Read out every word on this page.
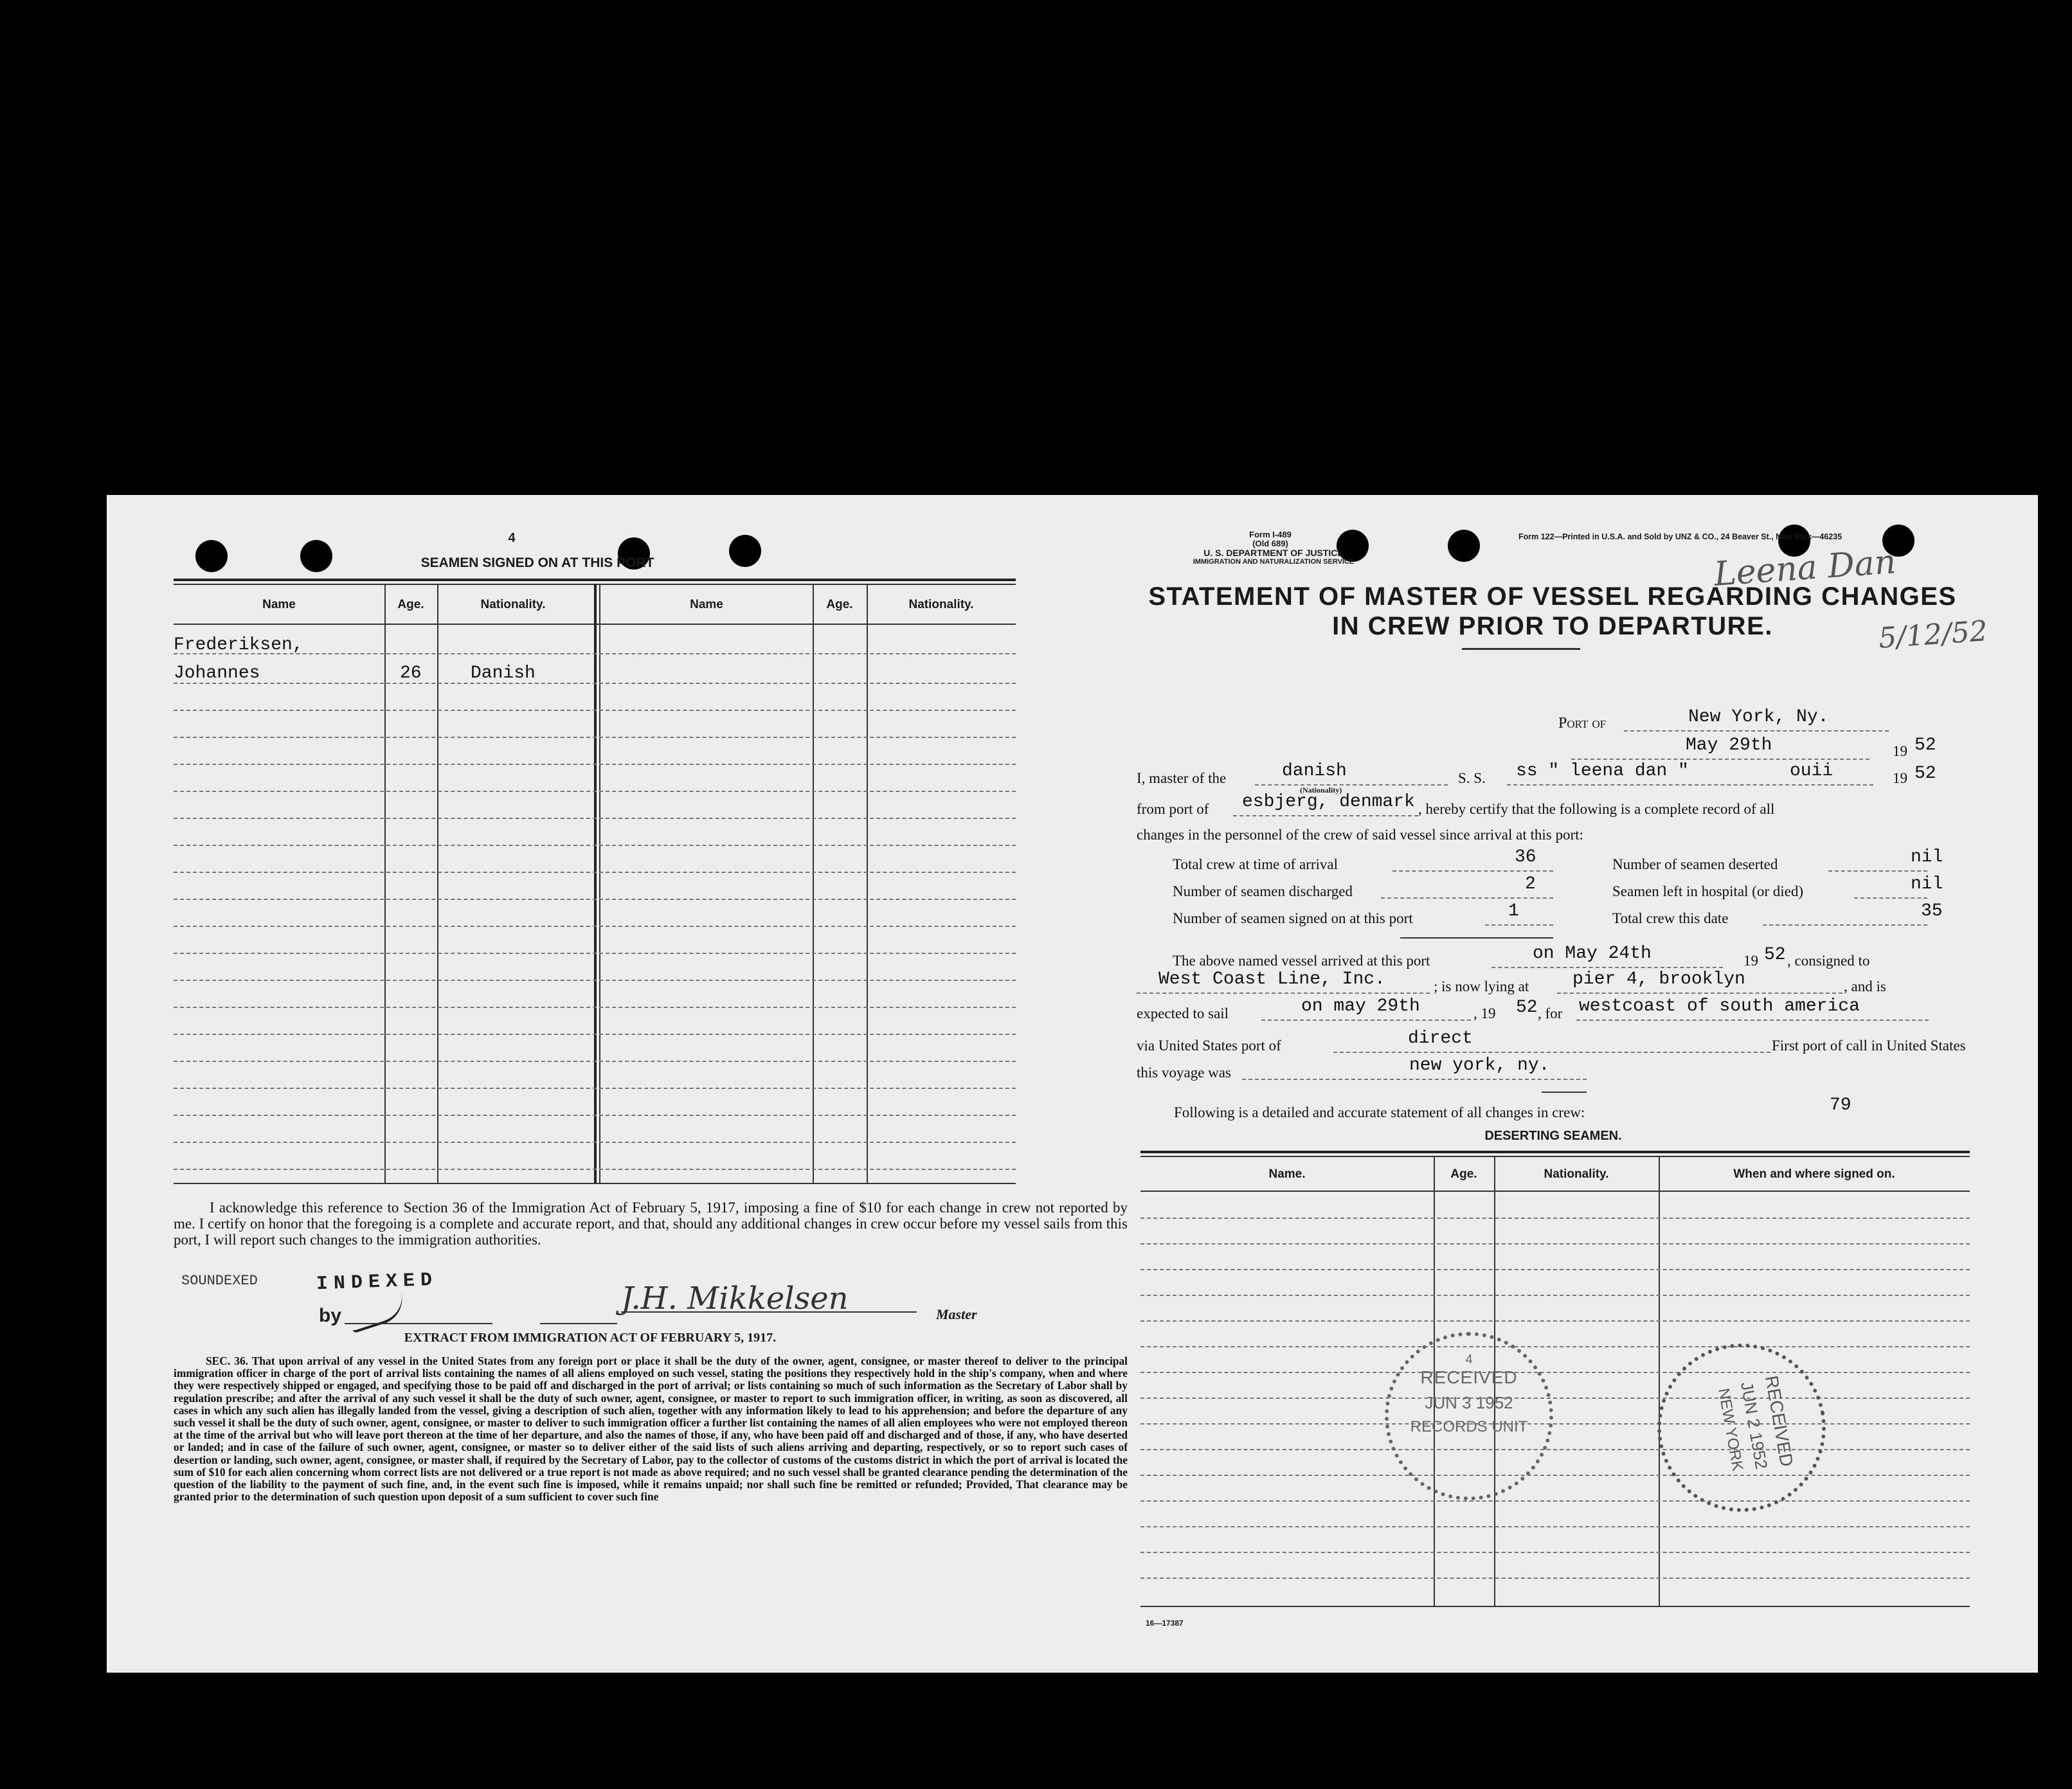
4
SEAMEN SIGNED ON AT THIS PORT
Name	Age.	Nationality.	Name	Age.	Nationality.
Frederiksen,
Johannes	26	Danish
I acknowledge this reference to Section 36 of the Immigration Act of February 5, 1917, imposing a fine of $10 for each change in crew not reported by me. I certify on honor that the foregoing is a complete and accurate report, and that, should any additional changes in crew occur before my vessel sails from this port, I will report such changes to the immigration authorities.
SOUNDEXED	INDEXED
by	J.H. Mikkelsen	Master
EXTRACT FROM IMMIGRATION ACT OF FEBRUARY 5, 1917.
SEC. 36. That upon arrival of any vessel in the United States from any foreign port or place it shall be the duty of the owner, agent, consignee, or master thereof to deliver to the principal immigration officer in charge of the port of arrival lists containing the names of all aliens employed on such vessel, stating the positions they respectively hold in the ship's company, when and where they were respectively shipped or engaged, and specifying those to be paid off and discharged in the port of arrival; or lists containing so much of such information as the Secretary of Labor shall by regulation prescribe; and after the arrival of any such vessel it shall be the duty of such owner, agent, consignee, or master to report to such immigration officer, in writing, as soon as discovered, all cases in which any such alien has illegally landed from the vessel, giving a description of such alien, together with any information likely to lead to his apprehension; and before the departure of any such vessel it shall be the duty of such owner, agent, consignee, or master to deliver to such immigration officer a further list containing the names of all alien employees who were not employed thereon at the time of the arrival but who will leave port thereon at the time of her departure, and also the names of those, if any, who have been paid off and discharged and of those, if any, who have deserted or landed; and in case of the failure of such owner, agent, consignee, or master so to deliver either of the said lists of such aliens arriving and departing, respectively, or so to report such cases of desertion or landing, such owner, agent, consignee, or master shall, if required by the Secretary of Labor, pay to the collector of customs of the customs district in which the port of arrival is located the sum of $10 for each alien concerning whom correct lists are not delivered or a true report is not made as above required; and no such vessel shall be granted clearance pending the determination of the question of the liability to the payment of such fine, and, in the event such fine is imposed, while it remains unpaid; nor shall such fine be remitted or refunded; Provided, That clearance may be granted prior to the determination of such question upon deposit of a sum sufficient to cover such fine
Form I-489
(Old 689)
U. S. DEPARTMENT OF JUSTICE
IMMIGRATION AND NATURALIZATION SERVICE
Form 122—Printed in U.S.A. and Sold by UNZ & CO., 24 Beaver St., New York—46235
Leena Dan
5/12/52
STATEMENT OF MASTER OF VESSEL REGARDING CHANGES
IN CREW PRIOR TO DEPARTURE.
Port of	New York, Ny.
May 29th	19 52
I, master of the	danish
(Nationality)
S. S. ss " leena dan "	ouii	19 52
from port of esbjerg, denmark , hereby certify that the following is a complete record of all
changes in the personnel of the crew of said vessel since arrival at this port:
Total crew at time of arrival	36
Number of seamen discharged	2
Number of seamen signed on at this port	1
Number of seamen deserted	nil
Seamen left in hospital (or died)	nil
Total crew this date	35
The above named vessel arrived at this port	on May 24th	19 52 , consigned to
West Coast Line, Inc.	; is now lying at pier 4, brooklyn	, and is
expected to sail	on may 29th	, 19 52 , for westcoast of south america
via United States port of	direct	First port of call in United States
this voyage was	new york, ny.
Following is a detailed and accurate statement of all changes in crew:	79
DESERTING SEAMEN.
Name.	Age.	Nationality.	When and where signed on.
4
RECEIVED
JUN 3 1952
RECORDS UNIT	RECEIVED
JUN 2 1952
NEW YORK
16—17387
